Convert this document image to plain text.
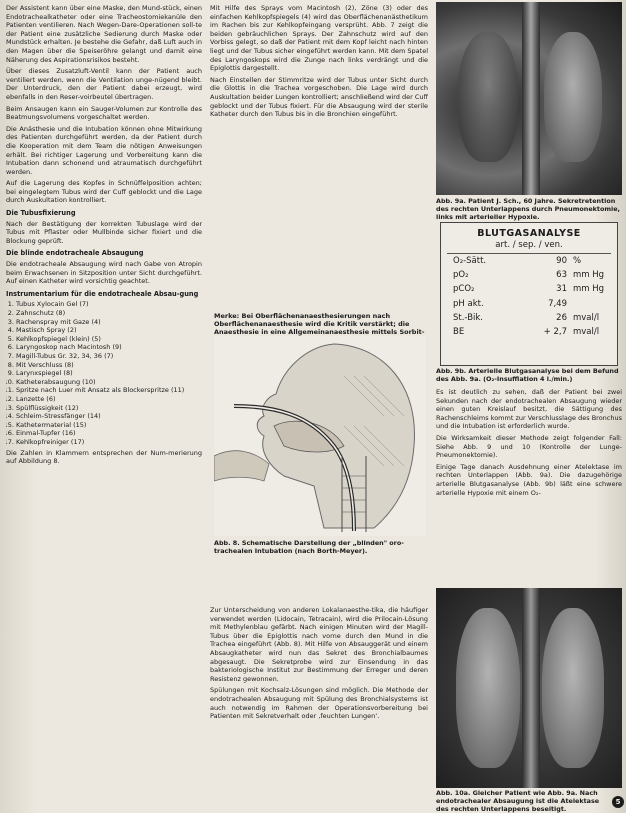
Der Assistent kann über eine Maske, den Mund-stück, einen Endotrachealkatheter oder eine Tracheostomiekanüle den Patienten ventilieren. Nach Wegen-Dare-Operationen soll-te der Patient eine zusätzliche Sedierung durch Maske oder Mundstück erhalten. Je bestehe die Gefahr, daß Luft auch in den Magen über die Speiseröhre gelangt und damit eine Näherung des Aspirationsrisikos besteht.

Über dieses Zusatzluft-Ventil kann der Patient auch ventiliert werden, wenn die Ventilation unge-nügend bleibt. Der Unterdruck, den der Patient dabei erzeugt, wird ebenfalls in den Reser-voirbeutel übertragen.

Beim Ansaugen kann ein Sauger-Volumen zur Kontrolle des Beatmungsvolumens vorgeschaltet werden.

Die Anästhesie und die Intubation können ohne Mitwirkung des Patienten durchgeführt werden, da der Patient durch die Kooperation mit dem Team die nötigen Anweisungen erhält. Bei richtiger Lagerung und Vorbereitung kann die Intubation dann schonend und atraumatisch durchgeführt werden.

Auf die Lagerung des Kopfes in Schnüffelposition achten; bei eingelegtem Tubus wird der Cuff geblockt und die Lage durch Auskultation kontrolliert.

Die Tubusfixierung

Nach der Bestätigung der korrekten Tubuslage wird der Tubus mit Pflaster oder Mullbinde sicher fixiert und die Blockung geprüft.

Die blinde endotracheale Absaugung

Die endotracheale Absaugung wird nach Gabe von Atropin beim Erwachsenen in Sitzposition unter Sicht durchgeführt. Auf einen Katheter wird vorsichtig geachtet.

Instrumentarium für die endotracheale Absau-gung
1. Tubus Xylocain Gel (7)
2. Zahnschutz (8)
3. Rachenspray mit Gaze (4)
4. Mastisch Spray (2)
5. Kehlkopfspiegel (klein) (5)
6. Laryngoskop nach Macintosh (9)
7. Magill-Tubus Gr. 32, 34, 36 (7)
8. Mit Verschluss (8)
9. Larynxspiegel (8)
10. Katheterabsaugung (10)
11. Spritze nach Luer mit Ansatz als Blockerspritze (11)
12. Lanzette (6)
13. Spülflüssigkeit (12)
14. Schleim-Stressfänger (14)
15. Kathetermaterial (15)
16. Einmal-Tupfer (16)
17. Kehlkopfreiniger (17)

Die Zahlen in Klammern entsprechen der Num-merierung auf Abbildung 8.

Mit Hilfe des Sprays vom Macintosh (2), Zöne (3) oder des einfachen Kehlkopfspiegels (4) wird das Oberflächenanästhetikum im Rachen bis zur Kehlkopfeingang versprüht. Abb. 7 zeigt die beiden gebräuchlichen Sprays. Der Zahnschutz wird auf den Vorbiss gelegt, so daß der Patient mit dem Kopf leicht nach hinten liegt und der Tubus sicher eingeführt werden kann. Mit dem Spatel des Laryngoskops wird die Zunge nach links verdrängt und die Epiglottis dargestellt.

Nach Einstellen der Stimmritze wird der Tubus unter Sicht durch die Glottis in die Trachea vorgeschoben. Die Lage wird durch Auskultation beider Lungen kontrolliert; anschließend wird der Cuff geblockt und der Tubus fixiert. Für die Absaugung wird der sterile Katheter durch den Tubus bis in die Bronchien eingeführt.

Merke: Bei Oberflächenanaesthesierungen nach Oberflächenanaesthesie wird die Kritik verstärkt; die Anaesthesie in eine Allgemeinanaesthesie mittels Sorbit-
Abb. 8. Schematische Darstellung der „blinden" oro-trachealen Intubation (nach Borth-Meyer).

Zur Unterscheidung von anderen Lokalanaesthe-tika, die häufiger verwendet werden (Lidocain, Tetracain), wird die Prilocain-Lösung mit Methylenblau gefärbt. Nach einigen Minuten wird der Magill-Tubus über die Epiglottis nach vorne durch den Mund in die Trachea eingeführt (Abb. 8). Mit Hilfe von Absauggerät und einem Absaugkatheter wird nun das Sekret des Bronchialbaumes abgesaugt. Die Sekretprobe wird zur Einsendung in das bakteriologische Institut zur Bestimmung der Erreger und deren Resistenz gewonnen.

Spülungen mit Kochsalz-Lösungen sind möglich. Die Methode der endotrachealen Absaugung mit Spülung des Bronchialsystems ist auch notwendig im Rahmen der Operationsvorbereitung bei Patienten mit Sekretverhalt oder ‚feuchten Lungen‘.

Abb. 9a. Patient J. Sch., 60 Jahre. Sekretretention des rechten Unterlappens durch Pneumonektomie, links mit arterieller Hypoxie.
BLUTGASANALYSE
art. / sep. / ven.
O₂-Sätt.	90 %
pO₂	63 mm Hg
pCO₂	31 mm Hg
pH akt.	7,49
St.-Bik.	26 mval/l
BE	+ 2,7 mval/l
Abb. 9b. Arterielle Blutgasanalyse bei dem Befund des Abb. 9a. (O₂-Insufflation 4 l./min.)

Es ist deutlich zu sehen, daß der Patient bei zwei Sekunden nach der endotrachealen Absaugung wieder einen guten Kreislauf besitzt, die Sättigung des Rachenschleims kommt zur Verschlusslage des Bronchus und die Intubation ist erforderlich wurde.

Die Wirksamkeit dieser Methode zeigt folgender Fall: Siehe Abb. 9 und 10 (Kontrolle der Lunge-Pneumonektomie).

Einige Tage danach Ausdehnung einer Atelektase im rechten Unterlappen (Abb. 9a). Die dazugehörige arterielle Blutgasanalyse (Abb. 9b) läßt eine schwere arterielle Hypoxie mit einem O₂-

Abb. 10a. Gleicher Patient wie Abb. 9a. Nach endotrachealer Absaugung ist die Atelektase des rechten Unterlappens beseitigt.
5
